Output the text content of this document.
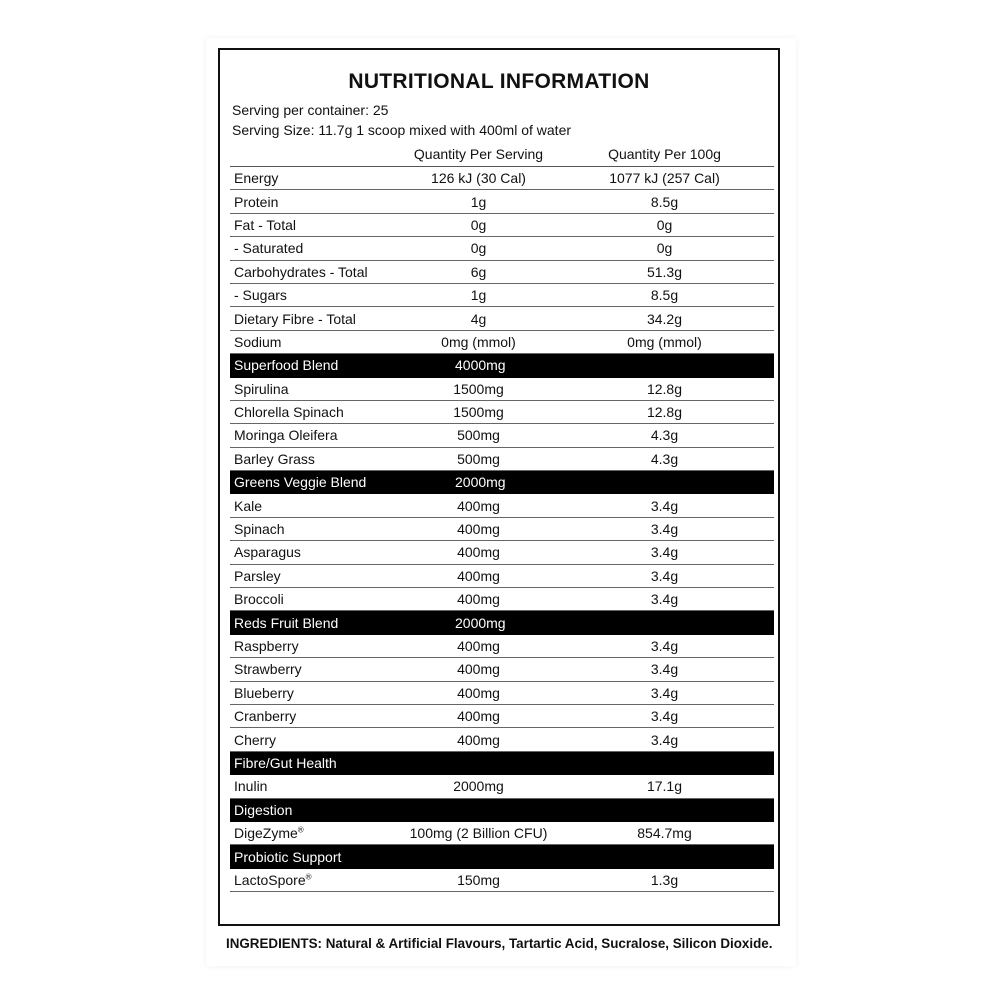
NUTRITIONAL INFORMATION
Serving per container: 25
Serving Size: 11.7g 1 scoop mixed with 400ml of water
Quantity Per Serving	Quantity Per 100g
Energy	126 kJ (30 Cal)	1077 kJ (257 Cal)
Protein	1g	8.5g
Fat - Total	0g	0g
- Saturated	0g	0g
Carbohydrates - Total	6g	51.3g
- Sugars	1g	8.5g
Dietary Fibre - Total	4g	34.2g
Sodium	0mg (mmol)	0mg (mmol)
Superfood Blend	4000mg
Spirulina	1500mg	12.8g
Chlorella Spinach	1500mg	12.8g
Moringa Oleifera	500mg	4.3g
Barley Grass	500mg	4.3g
Greens Veggie Blend	2000mg
Kale	400mg	3.4g
Spinach	400mg	3.4g
Asparagus	400mg	3.4g
Parsley	400mg	3.4g
Broccoli	400mg	3.4g
Reds Fruit Blend	2000mg
Raspberry	400mg	3.4g
Strawberry	400mg	3.4g
Blueberry	400mg	3.4g
Cranberry	400mg	3.4g
Cherry	400mg	3.4g
Fibre/Gut Health
Inulin	2000mg	17.1g
Digestion
DigeZyme®	100mg (2 Billion CFU)	854.7mg
Probiotic Support
LactoSpore®	150mg	1.3g
INGREDIENTS: Natural & Artificial Flavours, Tartartic Acid, Sucralose, Silicon Dioxide.
